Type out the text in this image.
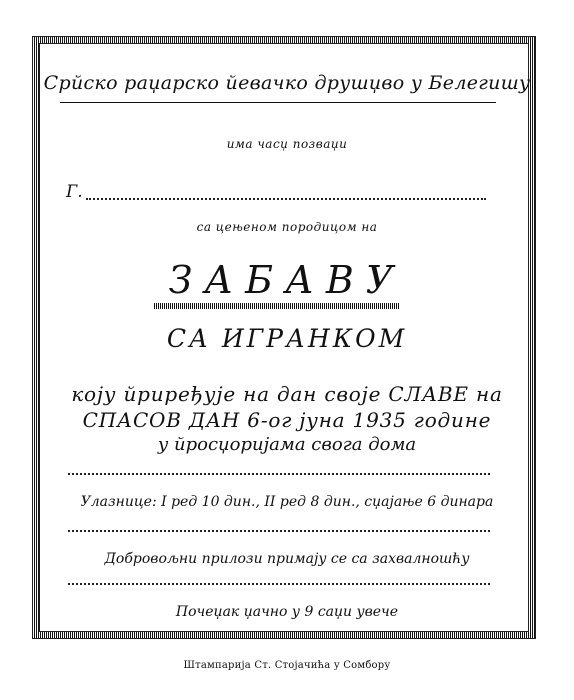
Срйско раџарско йевачко друшџво у Белегишу
има часџ позваџи
Г.
са цењеном породицом на
ЗАБАВУ
СА ИГРАНКОМ
коју йриређује на дан своје СЛАВЕ на
СПАСОВ ДАН 6-ог јуна 1935 године
у йросџоријама свога дома
Улазнице: I ред 10 дин., II ред 8 дин., сџајање 6 динара
Добровољни прилози примају се са захвалношћу
Почеџак џачно у 9 саџи увече
Штампарија Ст. Стојачића у Сомбору
